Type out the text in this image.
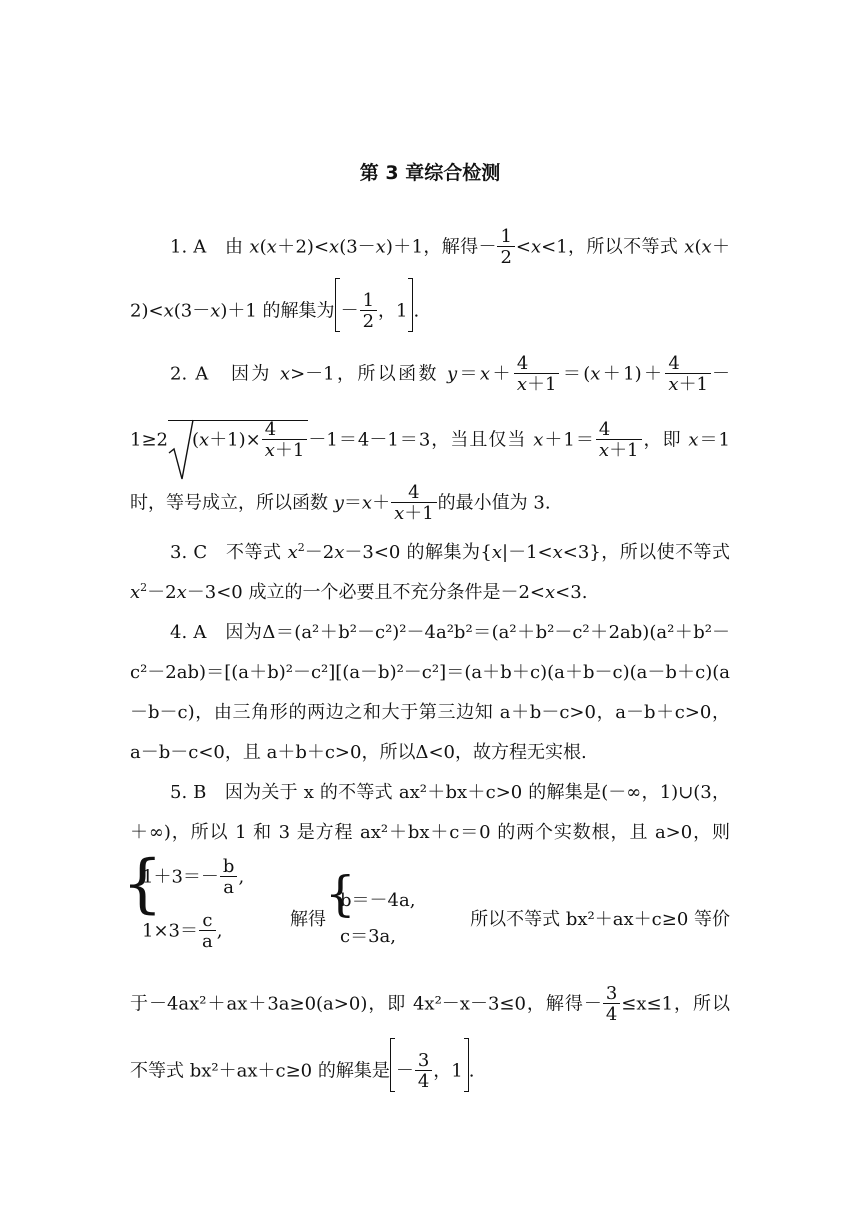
第 3 章综合检测
1. A　由 x(x＋2)<x(3－x)＋1，解得－ $\frac{1}{2} <x<1$，所以不等式 x(x＋
2)<x(3－x)＋1 的解集为 － $\frac{1}{2}$ ，1 .
2. A　因为 x>－1，所以函数 $y=x+ \frac{4}{x+1} =(x+1)+ \frac{4}{x+1}$ －
1≥2 $(x+1)\times \frac{4}{x+1} -1=4-1=3$，当且仅当 $x+1= \frac{4}{x+1}$ ，即 x＝1
时，等号成立，所以函数 $y=x+ \frac{4}{x+1}$ 的最小值为 3.
3. C　不等式 $x^2-2x-3<0$ 的解集为{x|－1<x<3}，所以使不等式
$x^2-2x-3<0$ 成立的一个必要且不充分条件是－2<x<3.
4. A　因为Δ＝(a²＋b²－c²)²－4a²b²＝(a²＋b²－c²＋2ab)(a²＋b²－
c²－2ab)＝[(a＋b)²－c²][(a－b)²－c²]＝(a＋b＋c)(a＋b－c)(a－b＋c)(a
－b－c)，由三角形的两边之和大于第三边知 a＋b－c>0，a－b＋c>0，
a－b－c<0，且 a＋b＋c>0，所以Δ<0，故方程无实根.
5. B　因为关于 x 的不等式 ax²＋bx＋c>0 的解集是(－∞，1)∪(3，
＋∞)，所以 1 和 3 是方程 ax²＋bx＋c＝0 的两个实数根，且 a>0，则
{
$1+3=- \frac{b}{a}$ ,
$1\times 3= \frac{c}{a}$ ,
解得 {
b＝－4a,
c＝3a,
所以不等式 bx²＋ax＋c≥0 等价
于－4ax²＋ax＋3a≥0(a>0)，即 4x²－x－3≤0，解得－ $\frac{3}{4} \le x\le 1$，所以
不等式 bx²＋ax＋c≥0 的解集是 － $\frac{3}{4}$ ，1 .
